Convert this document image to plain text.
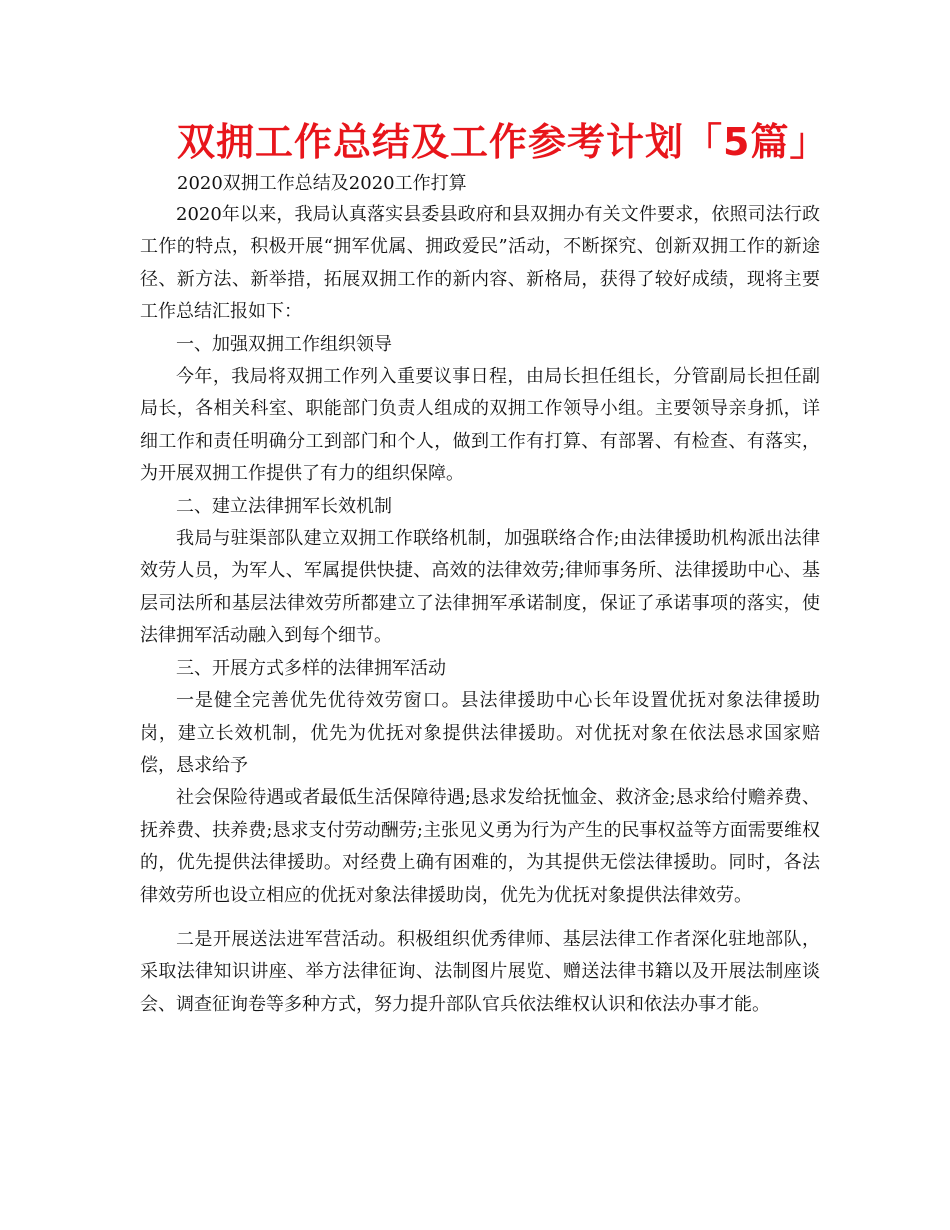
双拥工作总结及工作参考计划「5篇」
2020双拥工作总结及2020工作打算

2020年以来，我局认真落实县委县政府和县双拥办有关文件要求，依照司法行政工作的特点，积极开展“拥军优属、拥政爱民”活动，不断探究、创新双拥工作的新途径、新方法、新举措，拓展双拥工作的新内容、新格局，获得了较好成绩，现将主要工作总结汇报如下：

一、加强双拥工作组织领导

今年，我局将双拥工作列入重要议事日程，由局长担任组长，分管副局长担任副局长，各相关科室、职能部门负责人组成的双拥工作领导小组。主要领导亲身抓，详细工作和责任明确分工到部门和个人，做到工作有打算、有部署、有检查、有落实，为开展双拥工作提供了有力的组织保障。

二、建立法律拥军长效机制

我局与驻渠部队建立双拥工作联络机制，加强联络合作;由法律援助机构派出法律效劳人员，为军人、军属提供快捷、高效的法律效劳;律师事务所、法律援助中心、基层司法所和基层法律效劳所都建立了法律拥军承诺制度，保证了承诺事项的落实，使法律拥军活动融入到每个细节。

三、开展方式多样的法律拥军活动

一是健全完善优先优待效劳窗口。县法律援助中心长年设置优抚对象法律援助岗，建立长效机制，优先为优抚对象提供法律援助。对优抚对象在依法恳求国家赔偿，恳求给予

社会保险待遇或者最低生活保障待遇;恳求发给抚恤金、救济金;恳求给付赡养费、抚养费、扶养费;恳求支付劳动酬劳;主张见义勇为行为产生的民事权益等方面需要维权的，优先提供法律援助。对经费上确有困难的，为其提供无偿法律援助。同时，各法律效劳所也设立相应的优抚对象法律援助岗，优先为优抚对象提供法律效劳。

二是开展送法进军营活动。积极组织优秀律师、基层法律工作者深化驻地部队，采取法律知识讲座、举方法律征询、法制图片展览、赠送法律书籍以及开展法制座谈会、调查征询卷等多种方式，努力提升部队官兵依法维权认识和依法办事才能。
